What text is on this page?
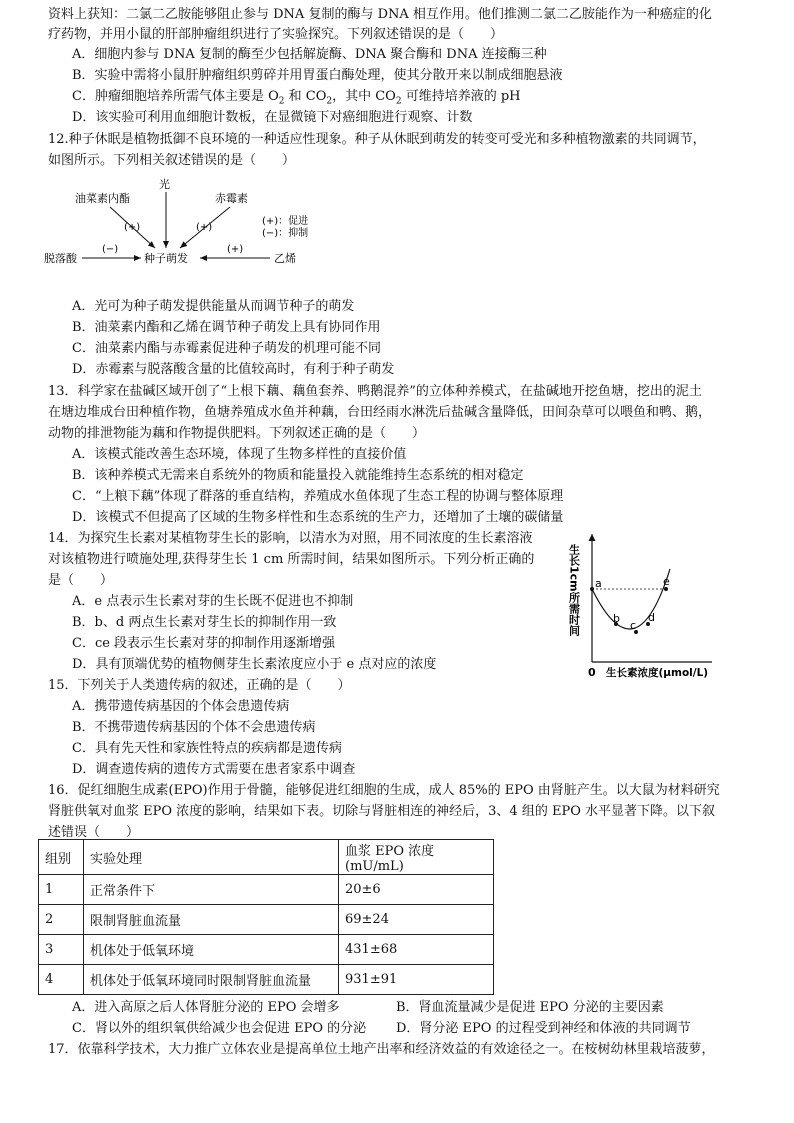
资料上获知：二氯二乙胺能够阻止参与 DNA 复制的酶与 DNA 相互作用。他们推测二氯二乙胺能作为一种癌症的化
疗药物，并用小鼠的肝部肿瘤组织进行了实验探究。下列叙述错误的是（　　）
A．细胞内参与 DNA 复制的酶至少包括解旋酶、DNA 聚合酶和 DNA 连接酶三种
B．实验中需将小鼠肝肿瘤组织剪碎并用胃蛋白酶处理，使其分散开来以制成细胞悬液
C．肿瘤细胞培养所需气体主要是 $O_2$ 和 $CO_2$，其中 $CO_2$ 可维持培养液的 pH
D．该实验可利用血细胞计数板，在显微镜下对癌细胞进行观察、计数
12.种子休眠是植物抵御不良环境的一种适应性现象。种子从休眠到萌发的转变可受光和多种植物激素的共同调节，
如图所示。下列相关叙述错误的是（　　）
油菜素内酯
光
赤霉素
(+)：促进
(−)：抑制
脱落酸	种子萌发	乙烯
(+)	(+)
(−)	(+)
A．光可为种子萌发提供能量从而调节种子的萌发
B．油菜素内酯和乙烯在调节种子萌发上具有协同作用
C．油菜素内酯与赤霉素促进种子萌发的机理可能不同
D．赤霉素与脱落酸含量的比值较高时，有利于种子萌发
13．科学家在盐碱区域开创了“上根下藕、藕鱼套养、鸭鹅混养”的立体种养模式，在盐碱地开挖鱼塘，挖出的泥土
在塘边堆成台田种植作物，鱼塘养殖成水鱼并种藕，台田经雨水淋洗后盐碱含量降低，田间杂草可以喂鱼和鸭、鹅，
动物的排泄物能为藕和作物提供肥料。下列叙述正确的是（　　）
A．该模式能改善生态环境，体现了生物多样性的直接价值
B．该种养模式无需来自系统外的物质和能量投入就能维持生态系统的相对稳定
C．“上粮下藕”体现了群落的垂直结构，养殖成水鱼体现了生态工程的协调与整体原理
D．该模式不但提高了区域的生物多样性和生态系统的生产力，还增加了土壤的碳储量
14．为探究生长素对某植物芽生长的影响，以清水为对照，用不同浓度的生长素溶液
对该植物进行喷施处理,获得芽生长 1 cm 所需时间，结果如图所示。下列分析正确的
是（　　）
A．e 点表示生长素对芽的生长既不促进也不抑制
B．b、d 两点生长素对芽生长的抑制作用一致
C．ce 段表示生长素对芽的抑制作用逐渐增强
D．具有顶端优势的植物侧芽生长素浓度应小于 e 点对应的浓度
生长1cm所需时间
生长素浓度(μmol/L)
0
a
b
c
d
e
15．下列关于人类遗传病的叙述，正确的是（　　）
A．携带遗传病基因的个体会患遗传病
B．不携带遗传病基因的个体不会患遗传病
C．具有先天性和家族性特点的疾病都是遗传病
D．调查遗传病的遗传方式需要在患者家系中调查
16．促红细胞生成素(EPO)作用于骨髓，能够促进红细胞的生成，成人 85%的 EPO 由肾脏产生。以大鼠为材料研究
肾脏供氧对血浆 EPO 浓度的影响，结果如下表。切除与肾脏相连的神经后，3、4 组的 EPO 水平显著下降。以下叙
述错误（　　）
组别	实验处理	血浆 EPO 浓度(mU/mL)
1	正常条件下	20±6
2	限制肾脏血流量	69±24
3	机体处于低氧环境	431±68
4	机体处于低氧环境同时限制肾脏血流量	931±91
A．进入高原之后人体肾脏分泌的 EPO 会增多	B．肾血流量减少是促进 EPO 分泌的主要因素
C．肾以外的组织氧供给减少也会促进 EPO 的分泌 D．肾分泌 EPO 的过程受到神经和体液的共同调节
17．依靠科学技术，大力推广立体农业是提高单位土地产出率和经济效益的有效途径之一。在桉树幼林里栽培菠萝，
